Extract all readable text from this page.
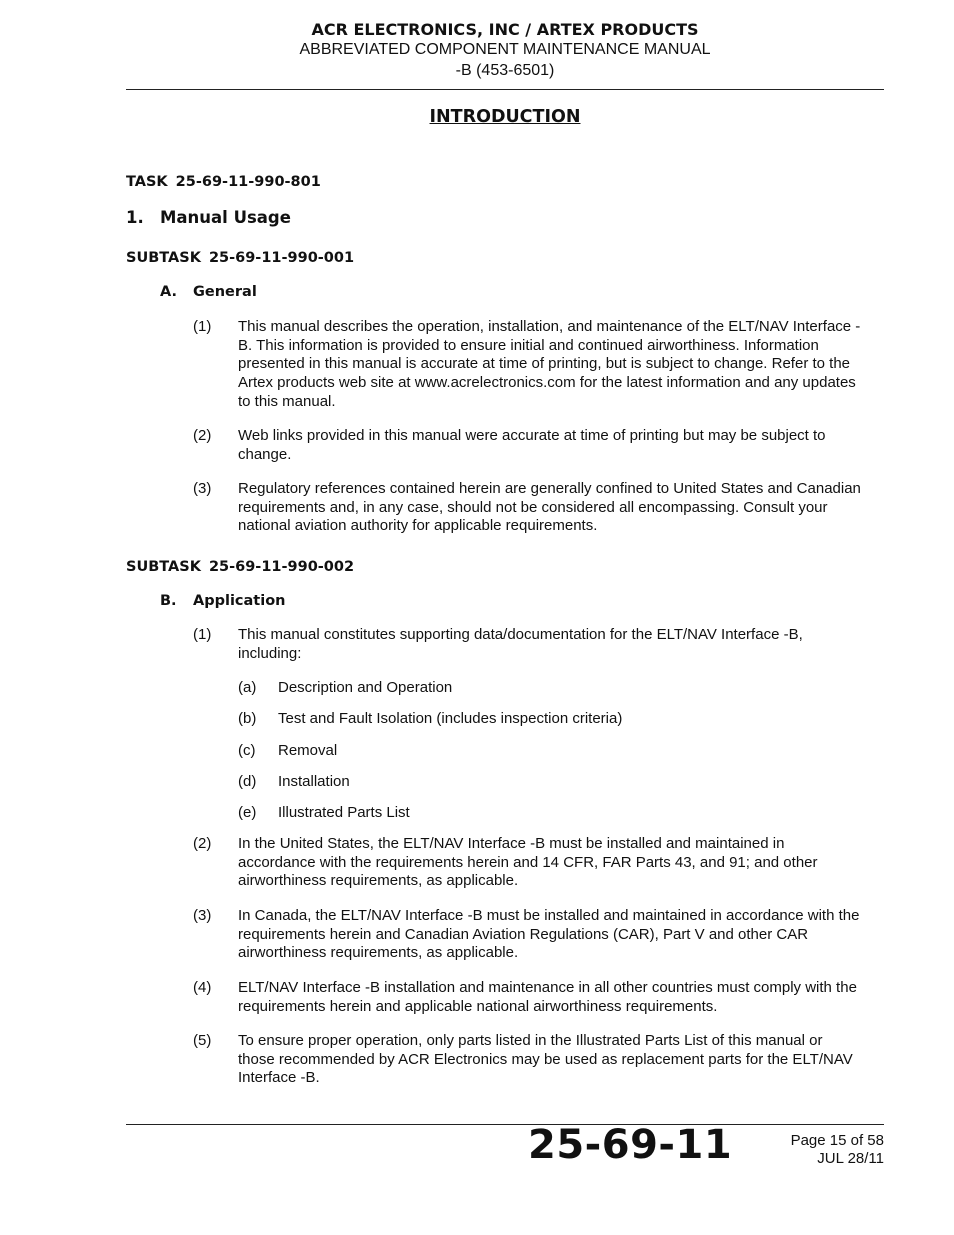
ACR ELECTRONICS, INC / ARTEX PRODUCTS
ABBREVIATED COMPONENT MAINTENANCE MANUAL
-B (453-6501)
INTRODUCTION
TASK 25-69-11-990-801
1. Manual Usage
SUBTASK 25-69-11-990-001
A. General
(1) This manual describes the operation, installation, and maintenance of the ELT/NAV Interface -
B. This information is provided to ensure initial and continued airworthiness. Information
presented in this manual is accurate at time of printing, but is subject to change. Refer to the
Artex products web site at www.acrelectronics.com for the latest information and any updates
to this manual.
(2) Web links provided in this manual were accurate at time of printing but may be subject to
change.
(3) Regulatory references contained herein are generally confined to United States and Canadian
requirements and, in any case, should not be considered all encompassing. Consult your
national aviation authority for applicable requirements.
SUBTASK 25-69-11-990-002
B. Application
(1) This manual constitutes supporting data/documentation for the ELT/NAV Interface -B,
including:
(a) Description and Operation
(b) Test and Fault Isolation (includes inspection criteria)
(c) Removal
(d) Installation
(e) Illustrated Parts List
(2) In the United States, the ELT/NAV Interface -B must be installed and maintained in
accordance with the requirements herein and 14 CFR, FAR Parts 43, and 91; and other
airworthiness requirements, as applicable.
(3) In Canada, the ELT/NAV Interface -B must be installed and maintained in accordance with the
requirements herein and Canadian Aviation Regulations (CAR), Part V and other CAR
airworthiness requirements, as applicable.
(4) ELT/NAV Interface -B installation and maintenance in all other countries must comply with the
requirements herein and applicable national airworthiness requirements.
(5) To ensure proper operation, only parts listed in the Illustrated Parts List of this manual or
those recommended by ACR Electronics may be used as replacement parts for the ELT/NAV
Interface -B.
25-69-11	Page 15 of 58
JUL 28/11
